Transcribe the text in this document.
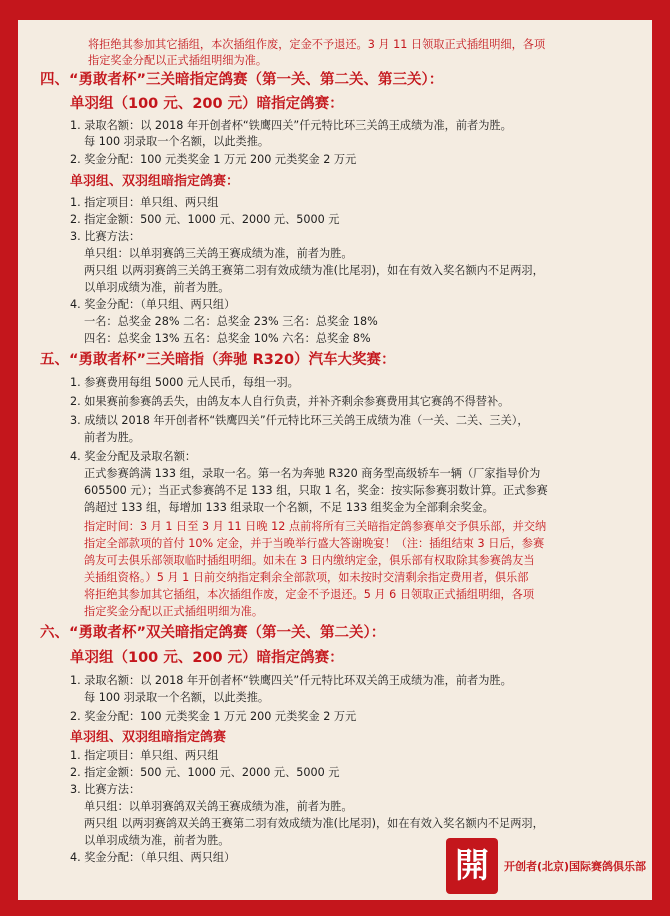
将拒绝其参加其它插组，本次插组作废，定金不予退还。3 月 11 日领取正式插组明细，各项
指定奖金分配以正式插组明细为准。
四、“勇敢者杯”三关暗指定鸽赛（第一关、第二关、第三关）：
单羽组（100 元、200 元）暗指定鸽赛：
1. 录取名额：以 2018 年开创者杯“铁鹰四关”仟元特比环三关鸽王成绩为准，前者为胜。
每 100 羽录取一个名额，以此类推。
2. 奖金分配：100 元类奖金 1 万元 200 元类奖金 2 万元
单羽组、双羽组暗指定鸽赛：
1. 指定项目：单只组、两只组
2. 指定金额：500 元、1000 元、2000 元、5000 元
3. 比赛方法：
单只组：以单羽赛鸽三关鸽王赛成绩为准，前者为胜。
两只组 以两羽赛鸽三关鸽王赛第二羽有效成绩为准(比尾羽)，如在有效入奖名额内不足两羽，
以单羽成绩为准，前者为胜。
4. 奖金分配：（单只组、两只组）
一名：总奖金 28% 二名：总奖金 23% 三名：总奖金 18%
四名：总奖金 13% 五名：总奖金 10% 六名：总奖金 8%
五、“勇敢者杯”三关暗指（奔驰 R320）汽车大奖赛：
1. 参赛费用每组 5000 元人民币，每组一羽。
2. 如果赛前参赛鸽丢失，由鸽友本人自行负责，并补齐剩余参赛费用其它赛鸽不得替补。
3. 成绩以 2018 年开创者杯“铁鹰四关”仟元特比环三关鸽王成绩为准（一关、二关、三关），
前者为胜。
4. 奖金分配及录取名额：
正式参赛鸽满 133 组，录取一名。第一名为奔驰 R320 商务型高级轿车一辆（厂家指导价为
605500 元）；当正式参赛鸽不足 133 组，只取 1 名，奖金：按实际参赛羽数计算。正式参赛
鸽超过 133 组，每增加 133 组录取一个名额，不足 133 组奖金为全部剩余奖金。
指定时间：3 月 1 日至 3 月 11 日晚 12 点前将所有三关暗指定鸽参赛单交予俱乐部，并交纳
指定全部款项的首付 10% 定金，并于当晚举行盛大答谢晚宴！（注：插组结束 3 日后，参赛
鸽友可去俱乐部领取临时插组明细。如未在 3 日内缴纳定金，俱乐部有权取除其参赛鸽友当
关插组资格。）5 月 1 日前交纳指定剩余全部款项，如未按时交清剩余指定费用者，俱乐部
将拒绝其参加其它插组，本次插组作废，定金不予退还。5 月 6 日领取正式插组明细，各项
指定奖金分配以正式插组明细为准。
六、“勇敢者杯”双关暗指定鸽赛（第一关、第二关）：
单羽组（100 元、200 元）暗指定鸽赛：
1. 录取名额：以 2018 年开创者杯“铁鹰四关”仟元特比环双关鸽王成绩为准，前者为胜。
每 100 羽录取一个名额，以此类推。
2. 奖金分配：100 元类奖金 1 万元 200 元类奖金 2 万元
单羽组、双羽组暗指定鸽赛
1. 指定项目：单只组、两只组
2. 指定金额：500 元、1000 元、2000 元、5000 元
3. 比赛方法：
单只组：以单羽赛鸽双关鸽王赛成绩为准，前者为胜。
两只组 以两羽赛鸽双关鸽王赛第二羽有效成绩为准(比尾羽)，如在有效入奖名额内不足两羽，
以单羽成绩为准，前者为胜。
4. 奖金分配：（单只组、两只组）	開	开创者(北京)国际赛鸽俱乐部
